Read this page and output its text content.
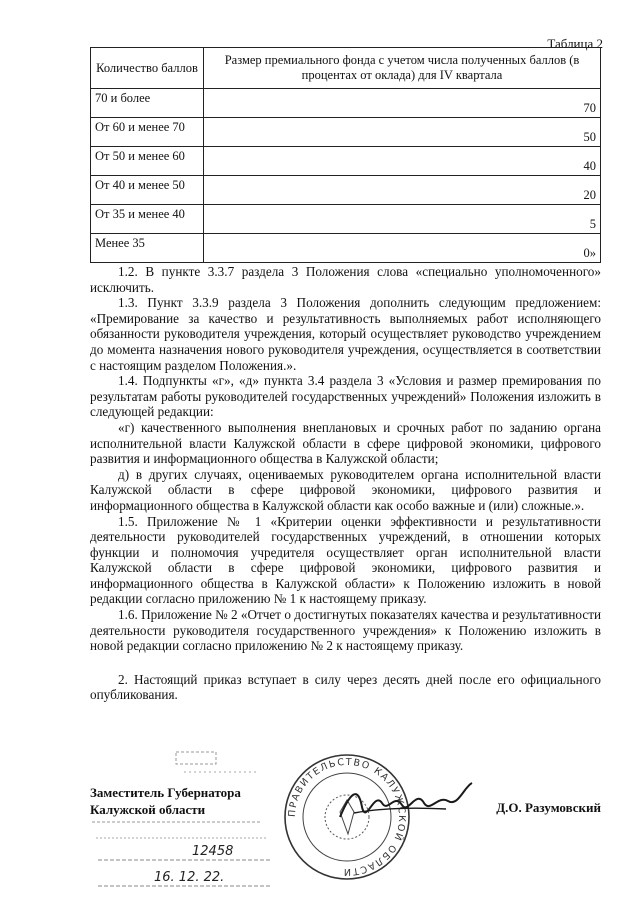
Таблица 2
Количество баллов	Размер премиального фонда с учетом числа полученных баллов (в процентах от оклада) для IV квартала
70 и более	70
От 60 и менее 70	50
От 50 и менее 60	40
От 40 и менее 50	20
От 35 и менее 40	5
Менее 35	0»

1.2. В пункте 3.3.7 раздела 3 Положения слова «специально уполномоченного» исключить.

1.3. Пункт 3.3.9 раздела 3 Положения дополнить следующим предложением: «Премирование за качество и результативность выполняемых работ исполняющего обязанности руководителя учреждения, который осуществляет руководство учреждением до момента назначения нового руководителя учреждения, осуществляется в соответствии с настоящим разделом Положения.».

1.4. Подпункты «г», «д» пункта 3.4 раздела 3 «Условия и размер премирования по результатам работы руководителей государственных учреждений» Положения изложить в следующей редакции:

«г) качественного выполнения внеплановых и срочных работ по заданию органа исполнительной власти Калужской области в сфере цифровой экономики, цифрового развития и информационного общества в Калужской области;

д) в других случаях, оцениваемых руководителем органа исполнительной власти Калужской области в сфере цифровой экономики, цифрового развития и информационного общества в Калужской области как особо важные и (или) сложные.».

1.5. Приложение № 1 «Критерии оценки эффективности и результативности деятельности руководителей государственных учреждений, в отношении которых функции и полномочия учредителя осуществляет орган исполнительной власти Калужской области в сфере цифровой экономики, цифрового развития и информационного общества в Калужской области» к Положению изложить в новой редакции согласно приложению № 1 к настоящему приказу.

1.6. Приложение № 2 «Отчет о достигнутых показателях качества и результативности деятельности руководителя государственного учреждения» к Положению изложить в новой редакции согласно приложению № 2 к настоящему приказу.

2. Настоящий приказ вступает в силу через десять дней после его официального опубликования.

Заместитель Губернатора
Калужской области
12458
16. 12. 22.
ПРАВИТЕЛЬСТВО КАЛУЖСКОЙ ОБЛАСТИ
Д.О. Разумовский
